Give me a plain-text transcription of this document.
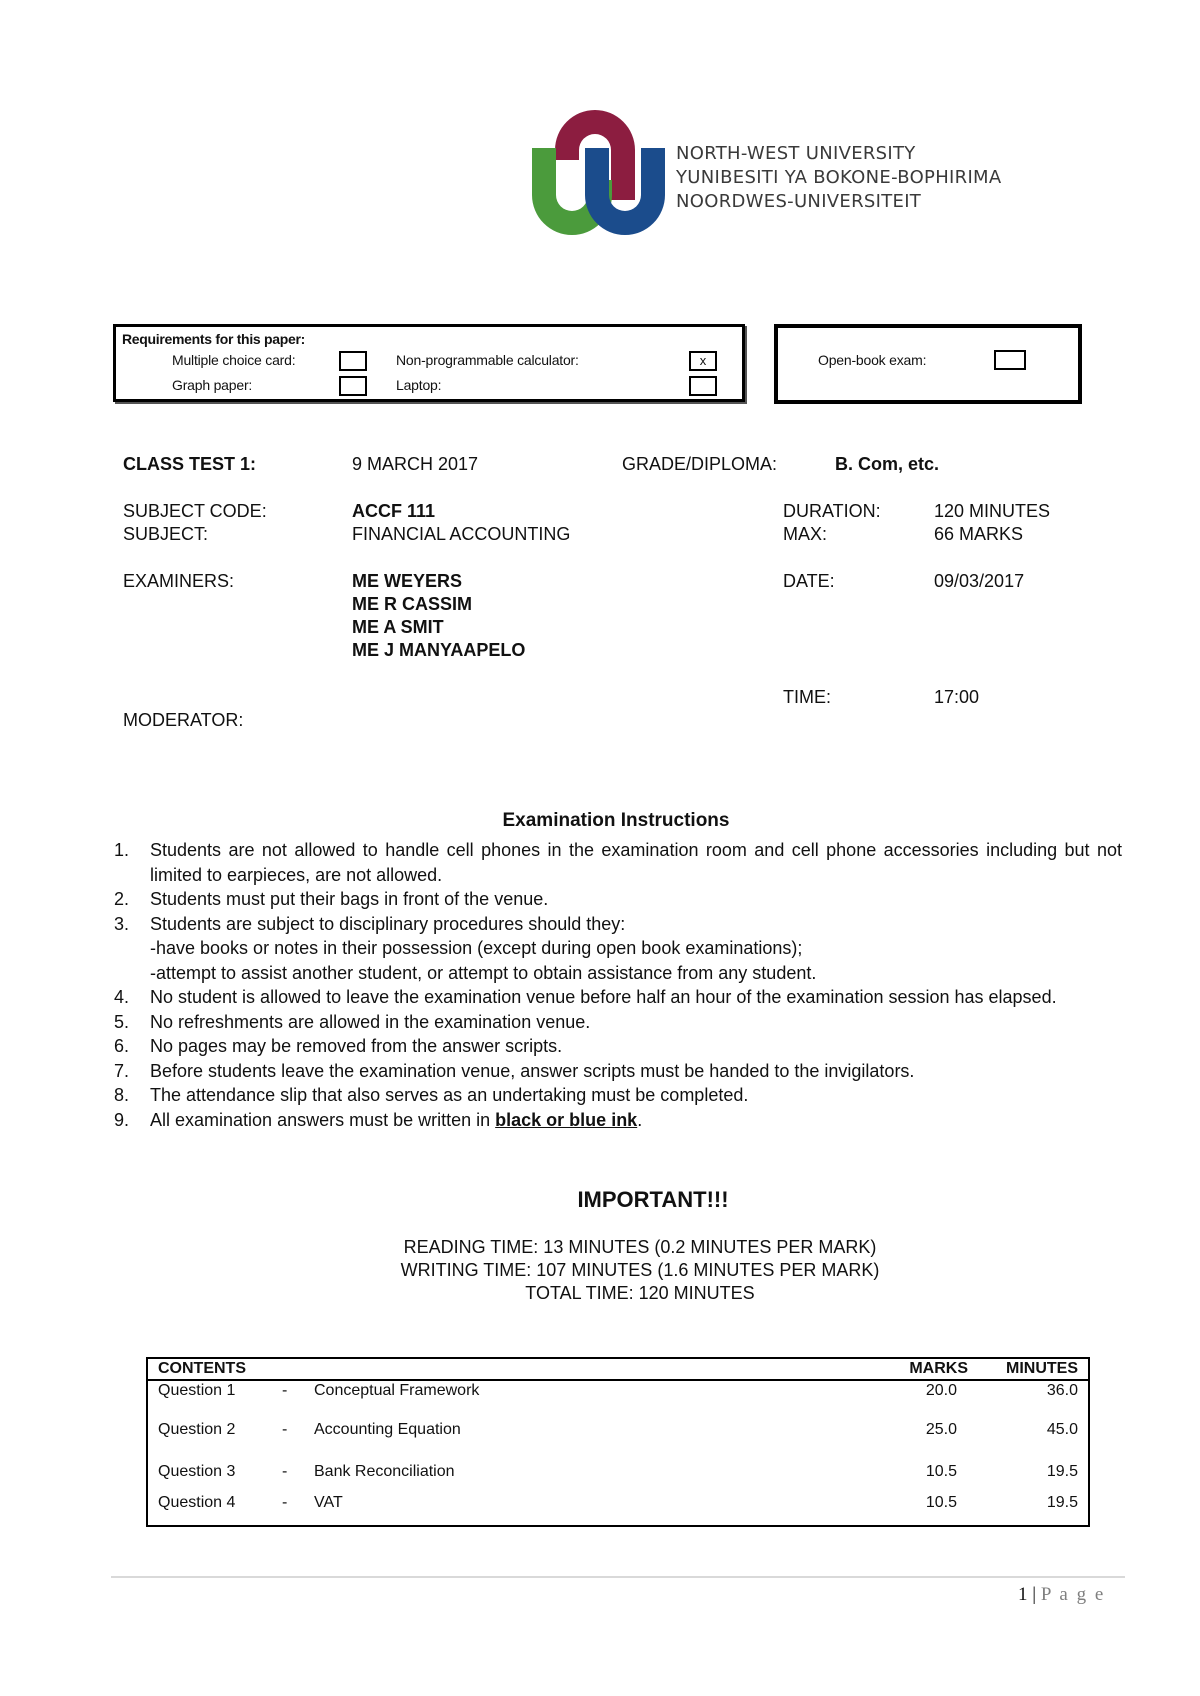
NORTH-WEST UNIVERSITY
YUNIBESITI YA BOKONE-BOPHIRIMA
NOORDWES-UNIVERSITEIT
Requirements for this paper:
Multiple choice card:	Non-programmable calculator:	x
Graph paper:	Laptop:
Open-book exam:
CLASS TEST 1:	9 MARCH 2017	GRADE/DIPLOMA:	B. Com, etc.
SUBJECT CODE:	ACCF 111	DURATION:	120 MINUTES
SUBJECT:	FINANCIAL ACCOUNTING	MAX:	66 MARKS
EXAMINERS:	ME WEYERS
ME R CASSIM
ME A SMIT
ME J MANYAAPELO
DATE:	09/03/2017
TIME:	17:00
MODERATOR:
Examination Instructions
1. Students are not allowed to handle cell phones in the examination room and cell phone accessories including but not limited to earpieces, are not allowed.
2. Students must put their bags in front of the venue.
3. Students are subject to disciplinary procedures should they:
-have books or notes in their possession (except during open book examinations);
-attempt to assist another student, or attempt to obtain assistance from any student.
4. No student is allowed to leave the examination venue before half an hour of the examination session has elapsed.
5. No refreshments are allowed in the examination venue.
6. No pages may be removed from the answer scripts.
7. Before students leave the examination venue, answer scripts must be handed to the invigilators.
8. The attendance slip that also serves as an undertaking must be completed.
9. All examination answers must be written in black or blue ink.
IMPORTANT!!!
READING TIME: 13 MINUTES (0.2 MINUTES PER MARK)
WRITING TIME: 107 MINUTES (1.6 MINUTES PER MARK)
TOTAL TIME: 120 MINUTES
CONTENTS	MARKS MINUTES
Question 1	- Conceptual Framework	20.0	36.0
Question 2	- Accounting Equation	25.0	45.0
Question 3	- Bank Reconciliation	10.5	19.5
Question 4	- VAT	10.5	19.5
1 | P a g e
